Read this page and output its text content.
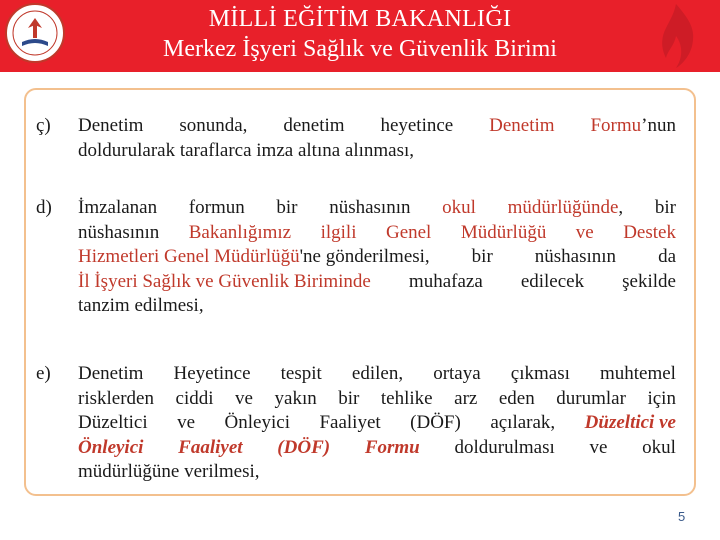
MİLLİ EĞİTİM BAKANLIĞI
Merkez İşyeri Sağlık ve Güvenlik Birimi
ç) Denetim sonunda, denetim heyetince Denetim Formu’nun
doldurularak taraflarca imza altına alınması,
d) İmzalanan formun bir nüshasının okul müdürlüğünde, bir
nüshasının Bakanlığımız ilgili Genel Müdürlüğü ve Destek
Hizmetleri Genel Müdürlüğü'ne gönderilmesi, bir nüshasının da
İl İşyeri Sağlık ve Güvenlik Biriminde muhafaza edilecek şekilde
tanzim edilmesi,
e) Denetim Heyetince tespit edilen, ortaya çıkması muhtemel
risklerden ciddi ve yakın bir tehlike arz eden durumlar için
Düzeltici ve Önleyici Faaliyet (DÖF) açılarak, Düzeltici ve
Önleyici Faaliyet (DÖF) Formu doldurulması ve okul
müdürlüğüne verilmesi,
5
